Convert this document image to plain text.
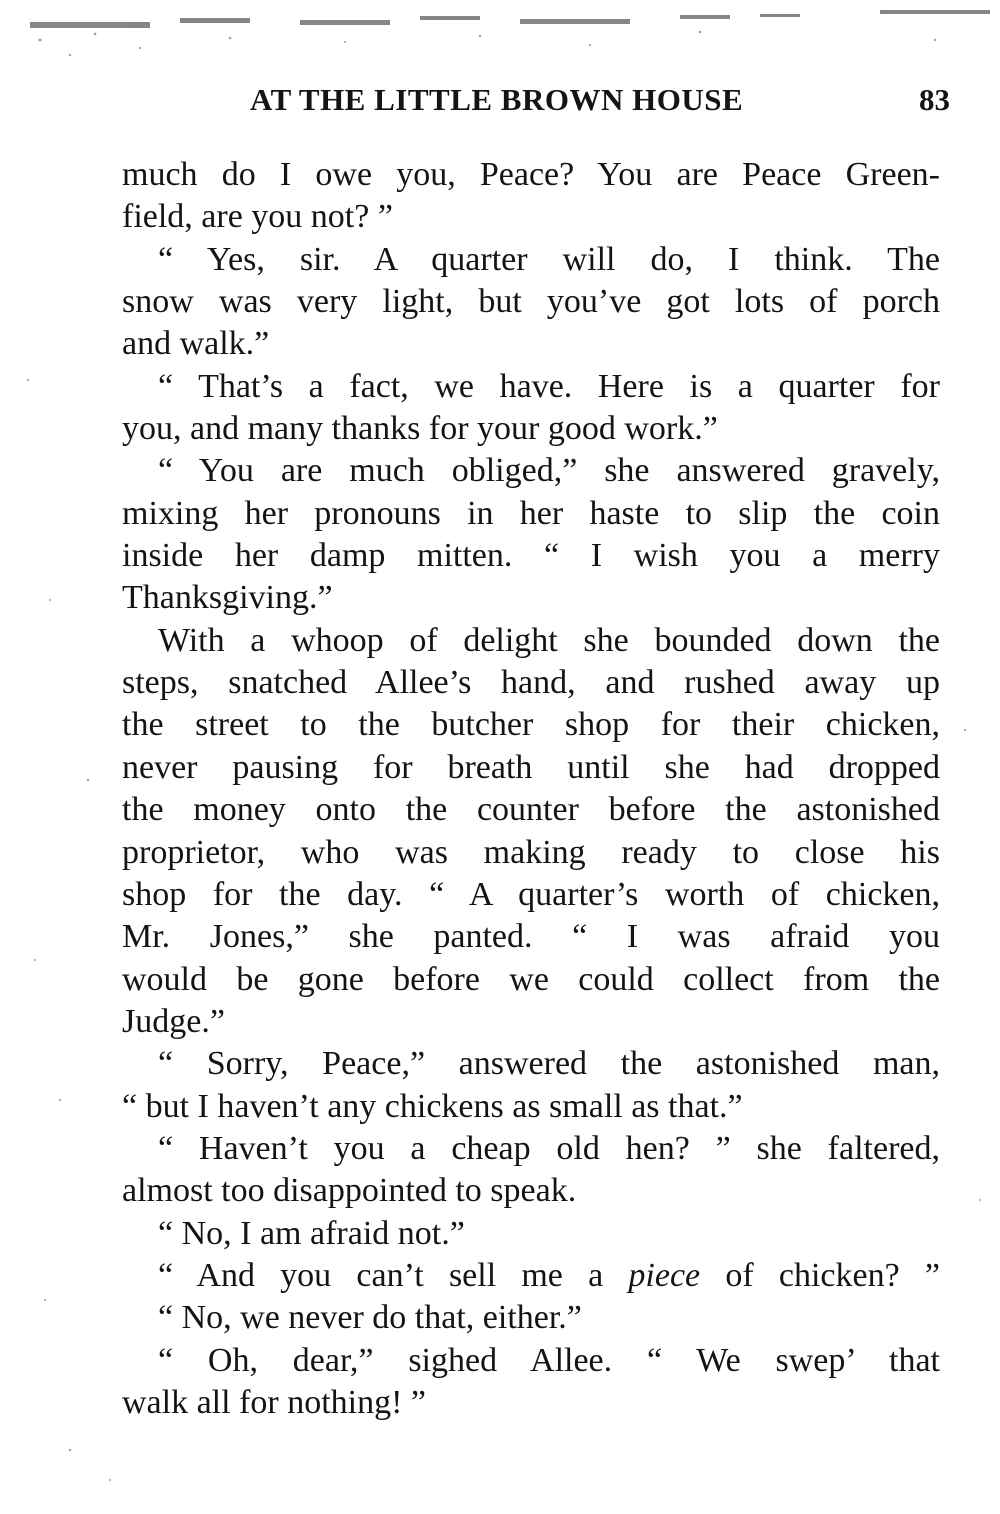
AT THE LITTLE BROWN HOUSE	83
much do I owe you, Peace? You are Peace Green-
field, are you not? ”
“ Yes, sir. A quarter will do, I think. The
snow was very light, but you’ve got lots of porch
and walk.”
“ That’s a fact, we have. Here is a quarter for
you, and many thanks for your good work.”
“ You are much obliged,” she answered gravely,
mixing her pronouns in her haste to slip the coin
inside her damp mitten. “ I wish you a merry
Thanksgiving.”
With a whoop of delight she bounded down the
steps, snatched Allee’s hand, and rushed away up
the street to the butcher shop for their chicken,
never pausing for breath until she had dropped
the money onto the counter before the astonished
proprietor, who was making ready to close his
shop for the day. “ A quarter’s worth of chicken,
Mr. Jones,” she panted. “ I was afraid you
would be gone before we could collect from the
Judge.”
“ Sorry, Peace,” answered the astonished man,
“ but I haven’t any chickens as small as that.”
“ Haven’t you a cheap old hen? ” she faltered,
almost too disappointed to speak.
“ No, I am afraid not.”
“ And you can’t sell me a piece of chicken? ”
“ No, we never do that, either.”
“ Oh, dear,” sighed Allee. “ We swep’ that
walk all for nothing! ”
